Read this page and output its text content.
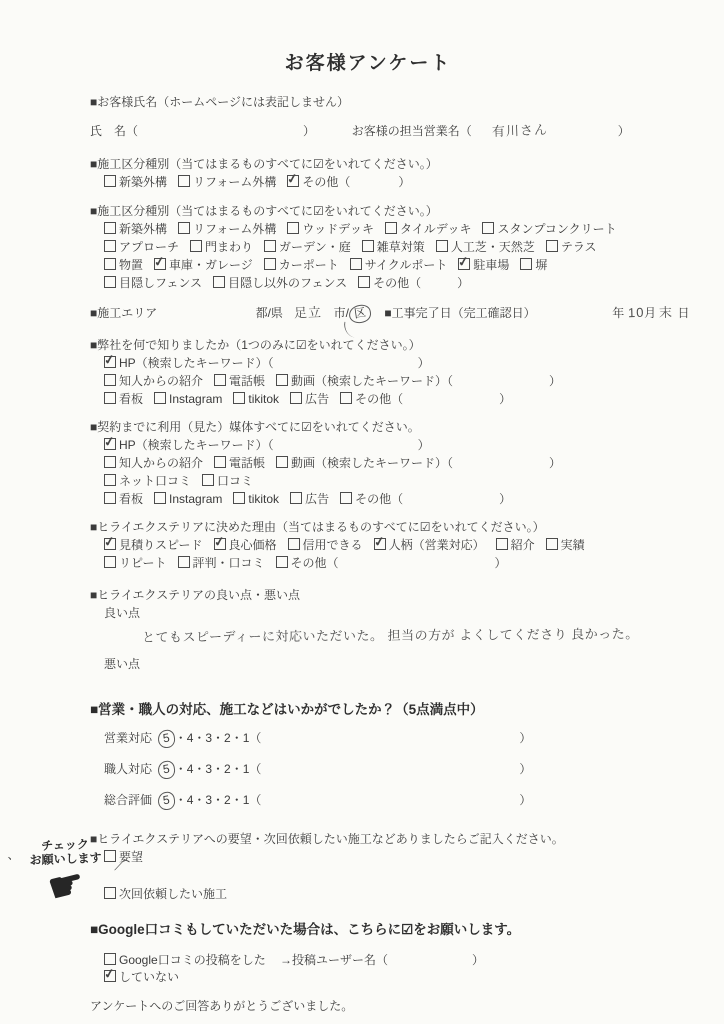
お客様アンケート
■お客様氏名（ホームページには表記しません）
氏　名（	）	お客様の担当営業名（ 有川さん	）
■施工区分種別（当てはまるものすべてに☑をいれてください。）
新築外構 リフォーム外構 ✓ その他（　　　　）
■施工区分種別（当てはまるものすべてに☑をいれてください。）
新築外構 リフォーム外構 ウッドデッキ タイルデッキ スタンプコンクリート
アプローチ 門まわり ガーデン・庭 雑草対策 人工芝・天然芝 テラス
物置 ✓ 車庫・ガレージ カーポート サイクルポート ✓ 駐車場 塀
目隠しフェンス 目隠し以外のフェンス その他（　　　）
■施工エリア	都/県 足立 市/ 区 ■工事完了日（完工確認日）	年 10月 末 日
■弊社を何で知りましたか（1つのみに☑をいれてください。）
✓HP（検索したキーワード）（　　　　　　　　　　　　）
知人からの紹介 電話帳 動画（検索したキーワード）（　　　　　　　　）
看板 Instagram tikitok 広告 その他（　　　　　　　　）
■契約までに利用（見た）媒体すべてに☑をいれてください。
✓HP（検索したキーワード）（　　　　　　　　　　　　）
知人からの紹介 電話帳 動画（検索したキーワード）（　　　　　　　　）
ネット口コミ 口コミ
看板 Instagram tikitok 広告 その他（　　　　　　　　）
■ヒライエクステリアに決めた理由（当てはまるものすべてに☑をいれてください。）
✓見積りスピード ✓ 良心価格 信用できる ✓ 人柄（営業対応） 紹介 実績
リピート 評判・口コミ その他（　　　　　　　　　　　　　）
■ヒライエクステリアの良い点・悪い点
良い点
とてもスピーディーに対応いただいた。 担当の方が よくしてくださり 良かった。
悪い点
■営業・職人の対応、施工などはいかがでしたか？（5点満点中）
営業対応 5 ・4・3・2・1（	）
職人対応 5 ・4・3・2・1（	）
総合評価 5 ・4・3・2・1（	）
■ヒライエクステリアへの要望・次回依頼したい施工などありましたらご記入ください。
要望
次回依頼したい施工
■Google口コミもしていただいた場合は、こちらに☑をお願いします。
Google口コミの投稿をした →投稿ユーザー名（　　　　　　　）
✓していない
アンケートへのご回答ありがとうございました。
、
／
チェック
お願いします
☛
